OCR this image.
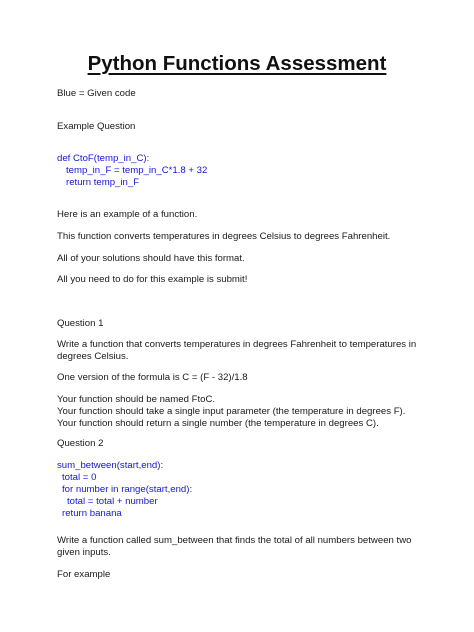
Python Functions Assessment
Blue = Given code
Example Question
def CtoF(temp_in_C):
temp_in_F = temp_in_C*1.8 + 32
return temp_in_F
Here is an example of a function.
This function converts temperatures in degrees Celsius to degrees Fahrenheit.
All of your solutions should have this format.
All you need to do for this example is submit!
Question 1
Write a function that converts temperatures in degrees Fahrenheit to temperatures in degrees Celsius.
One version of the formula is C = (F - 32)/1.8
Your function should be named FtoC.
Your function should take a single input parameter (the temperature in degrees F).
Your function should return a single number (the temperature in degrees C).
Question 2
sum_between(start,end):
total = 0
for number in range(start,end):
total = total + number
return banana
Write a function called sum_between that finds the total of all numbers between two given inputs.
For example
